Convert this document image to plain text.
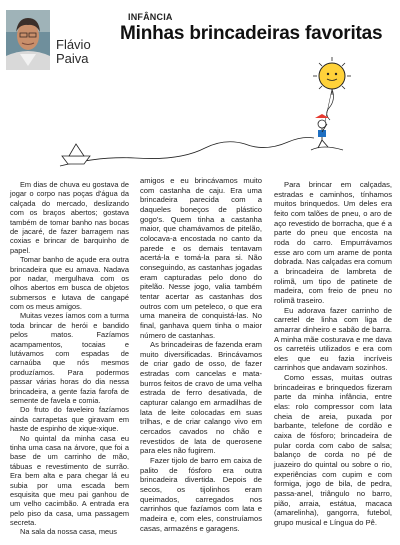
Flávio
Paiva
INFÂNCIA
Minhas brincadeiras favoritas

Em dias de chuva eu gostava de jogar o corpo nas poças d'água da calçada do mercado, deslizando com os braços abertos; gostava também de tomar banho nas bocas de jacaré, de fazer barragem nas coxias e brincar de barquinho de papel.

Tomar banho de açude era outra brincadeira que eu amava. Nadava por nadar, mergulhava com os olhos abertos em busca de objetos submersos e lutava de cangapé com os meus amigos.

Muitas vezes íamos com a turma toda brincar de herói e bandido pelos matos. Fazíamos acampamentos, tocaias e lutávamos com espadas de carnaúba que nós mesmos produzíamos. Para podermos passar várias horas do dia nessa brincadeira, a gente fazia farofa de semente de favela e comia.

Do fruto do faveleiro fazíamos ainda carrapetas que giravam em haste de espinho de xique-xique.

No quintal da minha casa eu tinha uma casa na árvore, que foi a base de um carrinho de mão, tábuas e revestimento de surrão. Era bem alta e para chegar lá eu subia por uma escada bem esquisita que meu pai ganhou de um velho cacimbão. A entrada era pelo piso da casa, uma passagem secreta.

Na sala da nossa casa, meus

amigos e eu brincávamos muito com castanha de caju. Era uma brincadeira parecida com a daqueles boneços de plástico gogo's. Quem tinha a castanha maior, que chamávamos de pitelão, colocava-a encostada no canto da parede e os demais tentavam acertá-la e tomá-la para si. Não conseguindo, as castanhas jogadas eram capturadas pelo dono do pitelão. Nesse jogo, valia também tentar acertar as castanhas dos outros com um peteleco, o que era uma maneira de conquistá-las. No final, ganhava quem tinha o maior número de castanhas.

As brincadeiras de fazenda eram muito diversificadas. Brincávamos de criar gado de osso, de fazer estradas com cancelas e mata-burros feitos de cravo de uma velha estrada de ferro desativada, de capturar calango em armadilhas de lata de leite colocadas em suas trilhas, e de criar calango vivo em cercados cavados no chão e revestidos de lata de querosene para eles não fugirem.

Fazer tijolo de barro em caixa de palito de fósforo era outra brincadeira divertida. Depois de secos, os tijolinhos eram queimados, carregados nos carrinhos que fazíamos com lata e madeira e, com eles, construíamos casas, armazéns e garagens.

Para brincar em calçadas, estradas e caminhos, tínhamos muitos brinquedos. Um deles era feito com talões de pneu, o aro de aço revestido de borracha, que é a parte do pneu que encosta na roda do carro. Empurrávamos esse aro com um arame de ponta dobrada. Nas calçadas era comum a brincadeira de lambreta de rolimã, um tipo de patinete de madeira, com freio de pneu no rolimã traseiro.

Eu adorava fazer carrinho de carretel de linha com liga de amarrar dinheiro e sabão de barra. A minha mãe costurava e me dava os carretéis utilizados e era com eles que eu fazia incríveis carrinhos que andavam sozinhos.

Como essas, muitas outras brincadeiras e brinquedos fizeram parte da minha infância, entre elas: rolo compressor com lata cheia de areia, puxada por barbante, telefone de cordão e caixa de fósforo; brincadeira de pular corda com cabo de salsa; balanço de corda no pé de juazeiro do quintal ou sobre o rio, experiências com cupim e com formiga, jogo de bila, de pedra, passa-anel, triângulo no barro, pião, arraia, estátua, macaca (amarelinha), gangorra, futebol, grupo musical e Língua do Pê.
